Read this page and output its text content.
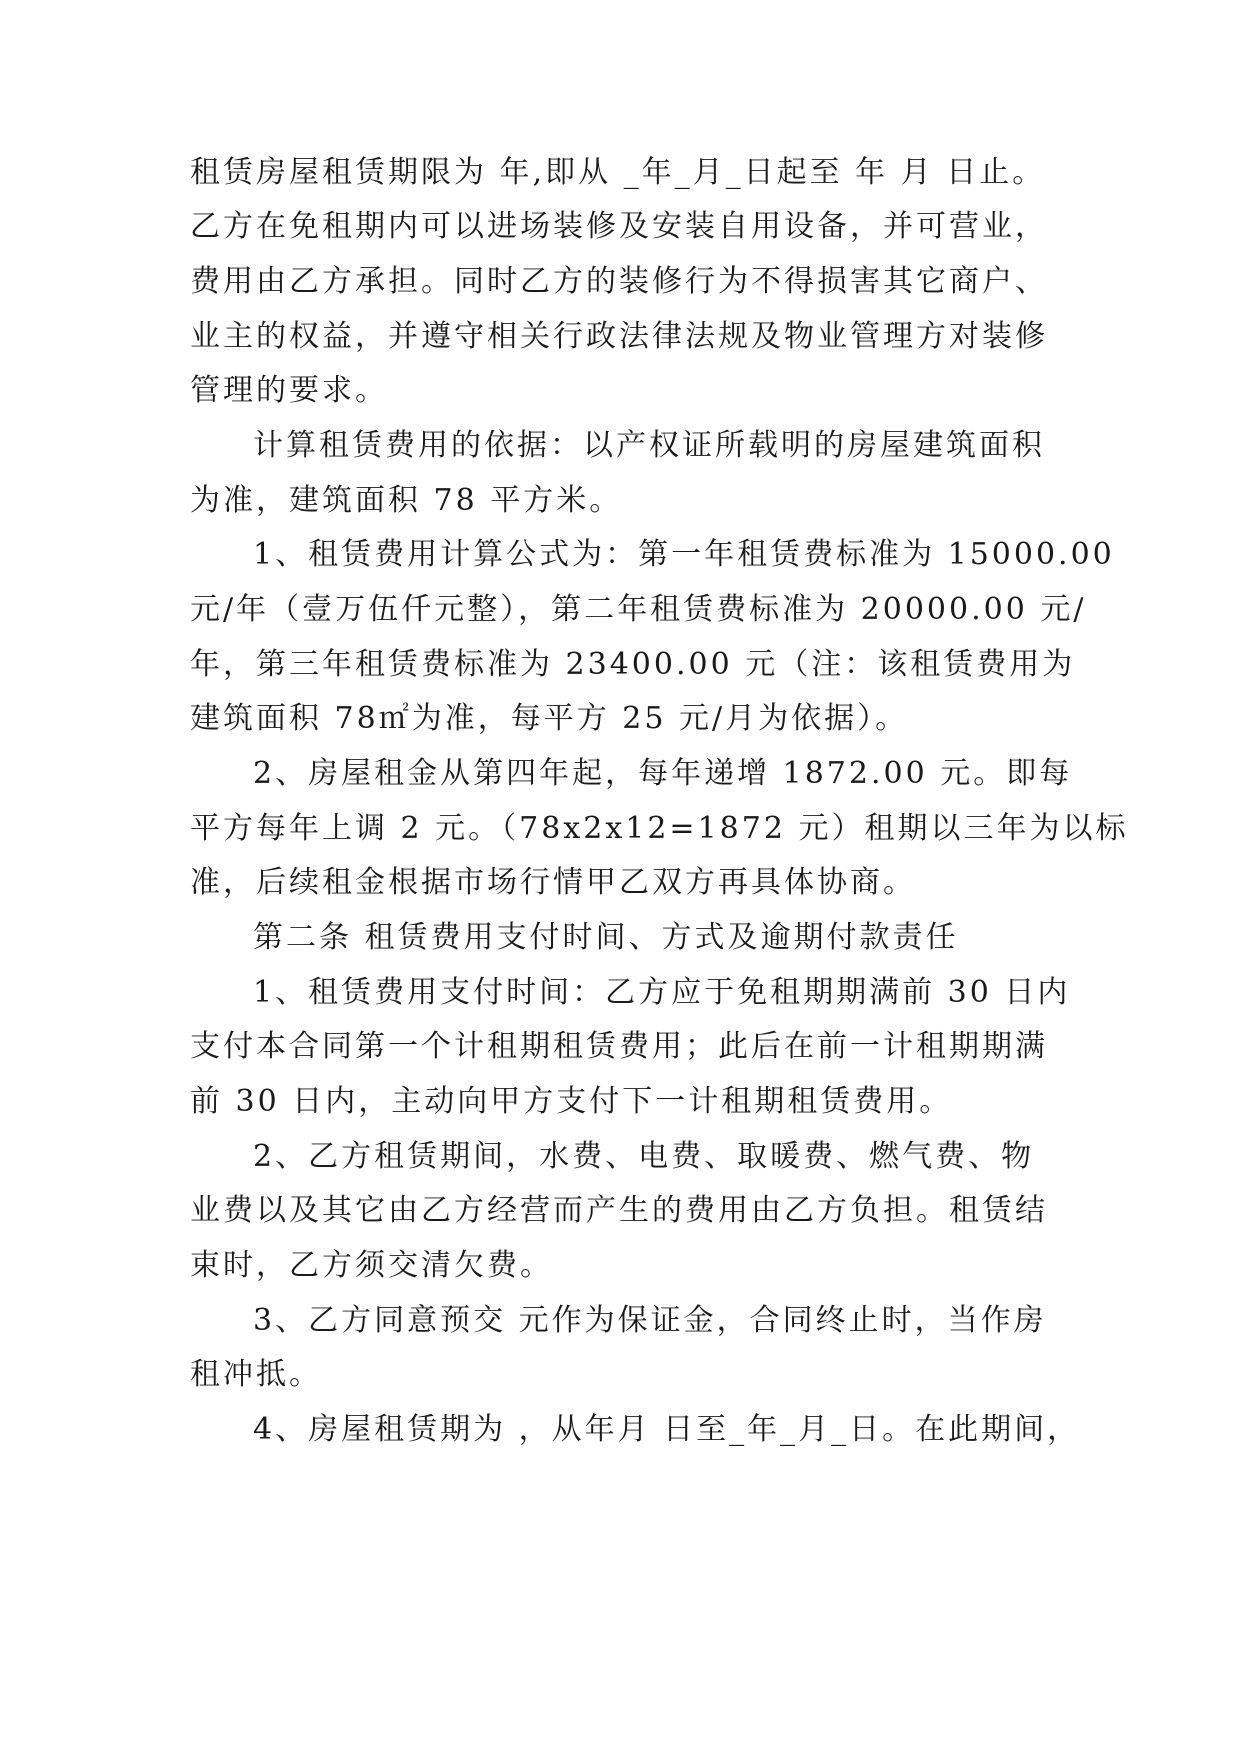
租赁房屋租赁期限为 年,即从 _年_月_日起至 年 月 日止。
乙方在免租期内可以进场装修及安装自用设备，并可营业，
费用由乙方承担。同时乙方的装修行为不得损害其它商户、
业主的权益，并遵守相关行政法律法规及物业管理方对装修
管理的要求。
计算租赁费用的依据：以产权证所载明的房屋建筑面积
为准，建筑面积 78 平方米。
1、租赁费用计算公式为：第一年租赁费标准为 15000.00
元/年（壹万伍仟元整），第二年租赁费标准为 20000.00 元/
年，第三年租赁费标准为 23400.00 元（注：该租赁费用为
建筑面积 78㎡为准，每平方 25 元/月为依据）。
2、房屋租金从第四年起，每年递增 1872.00 元。即每
平方每年上调 2 元。（78x2x12=1872 元）租期以三年为以标
准，后续租金根据市场行情甲乙双方再具体协商。
第二条 租赁费用支付时间、方式及逾期付款责任
1、租赁费用支付时间：乙方应于免租期期满前 30 日内
支付本合同第一个计租期租赁费用；此后在前一计租期期满
前 30 日内，主动向甲方支付下一计租期租赁费用。
2、乙方租赁期间，水费、电费、取暖费、燃气费、物
业费以及其它由乙方经营而产生的费用由乙方负担。租赁结
束时，乙方须交清欠费。
3、乙方同意预交 元作为保证金，合同终止时，当作房
租冲抵。
4、房屋租赁期为 ，从年月 日至_年_月_日。在此期间，
